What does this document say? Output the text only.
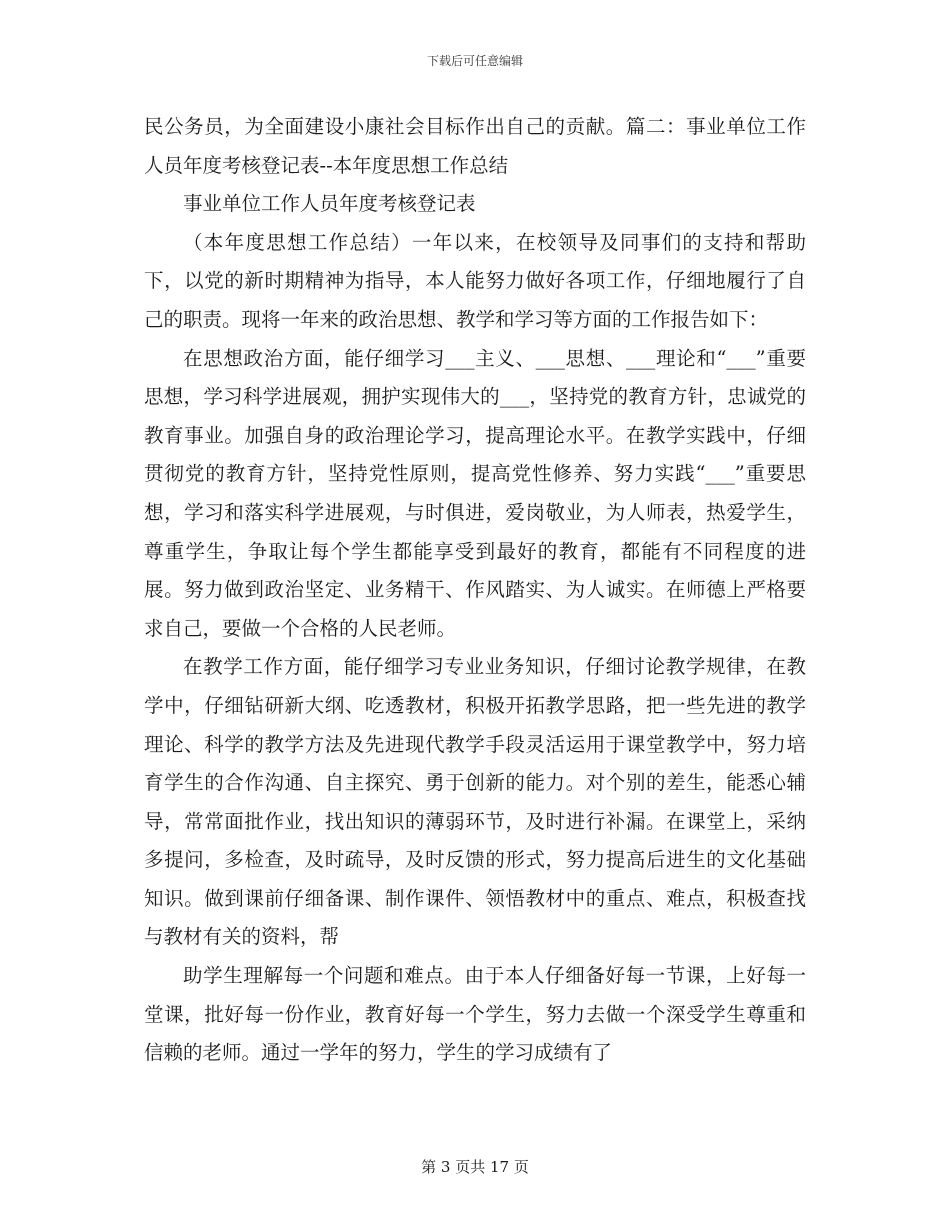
下载后可任意编辑

民公务员，为全面建设小康社会目标作出自己的贡献。篇二：事业单位工作人员年度考核登记表--本年度思想工作总结

事业单位工作人员年度考核登记表

（本年度思想工作总结）一年以来，在校领导及同事们的支持和帮助下，以党的新时期精神为指导，本人能努力做好各项工作，仔细地履行了自己的职责。现将一年来的政治思想、教学和学习等方面的工作报告如下：

在思想政治方面，能仔细学习___主义、___思想、___理论和“___”重要思想，学习科学进展观，拥护实现伟大的___，坚持党的教育方针，忠诚党的教育事业。加强自身的政治理论学习，提高理论水平。在教学实践中，仔细贯彻党的教育方针，坚持党性原则，提高党性修养、努力实践“___”重要思想，学习和落实科学进展观，与时俱进，爱岗敬业，为人师表，热爱学生，尊重学生，争取让每个学生都能享受到最好的教育，都能有不同程度的进展。努力做到政治坚定、业务精干、作风踏实、为人诚实。在师德上严格要求自己，要做一个合格的人民老师。

在教学工作方面，能仔细学习专业业务知识，仔细讨论教学规律，在教学中，仔细钻研新大纲、吃透教材，积极开拓教学思路，把一些先进的教学理论、科学的教学方法及先进现代教学手段灵活运用于课堂教学中，努力培育学生的合作沟通、自主探究、勇于创新的能力。对个别的差生，能悉心辅导，常常面批作业，找出知识的薄弱环节，及时进行补漏。在课堂上，采纳多提问，多检查，及时疏导，及时反馈的形式，努力提高后进生的文化基础知识。做到课前仔细备课、制作课件、领悟教材中的重点、难点，积极查找与教材有关的资料，帮

助学生理解每一个问题和难点。由于本人仔细备好每一节课，上好每一堂课，批好每一份作业，教育好每一个学生，努力去做一个深受学生尊重和信赖的老师。通过一学年的努力，学生的学习成绩有了

第 3 页共 17 页
